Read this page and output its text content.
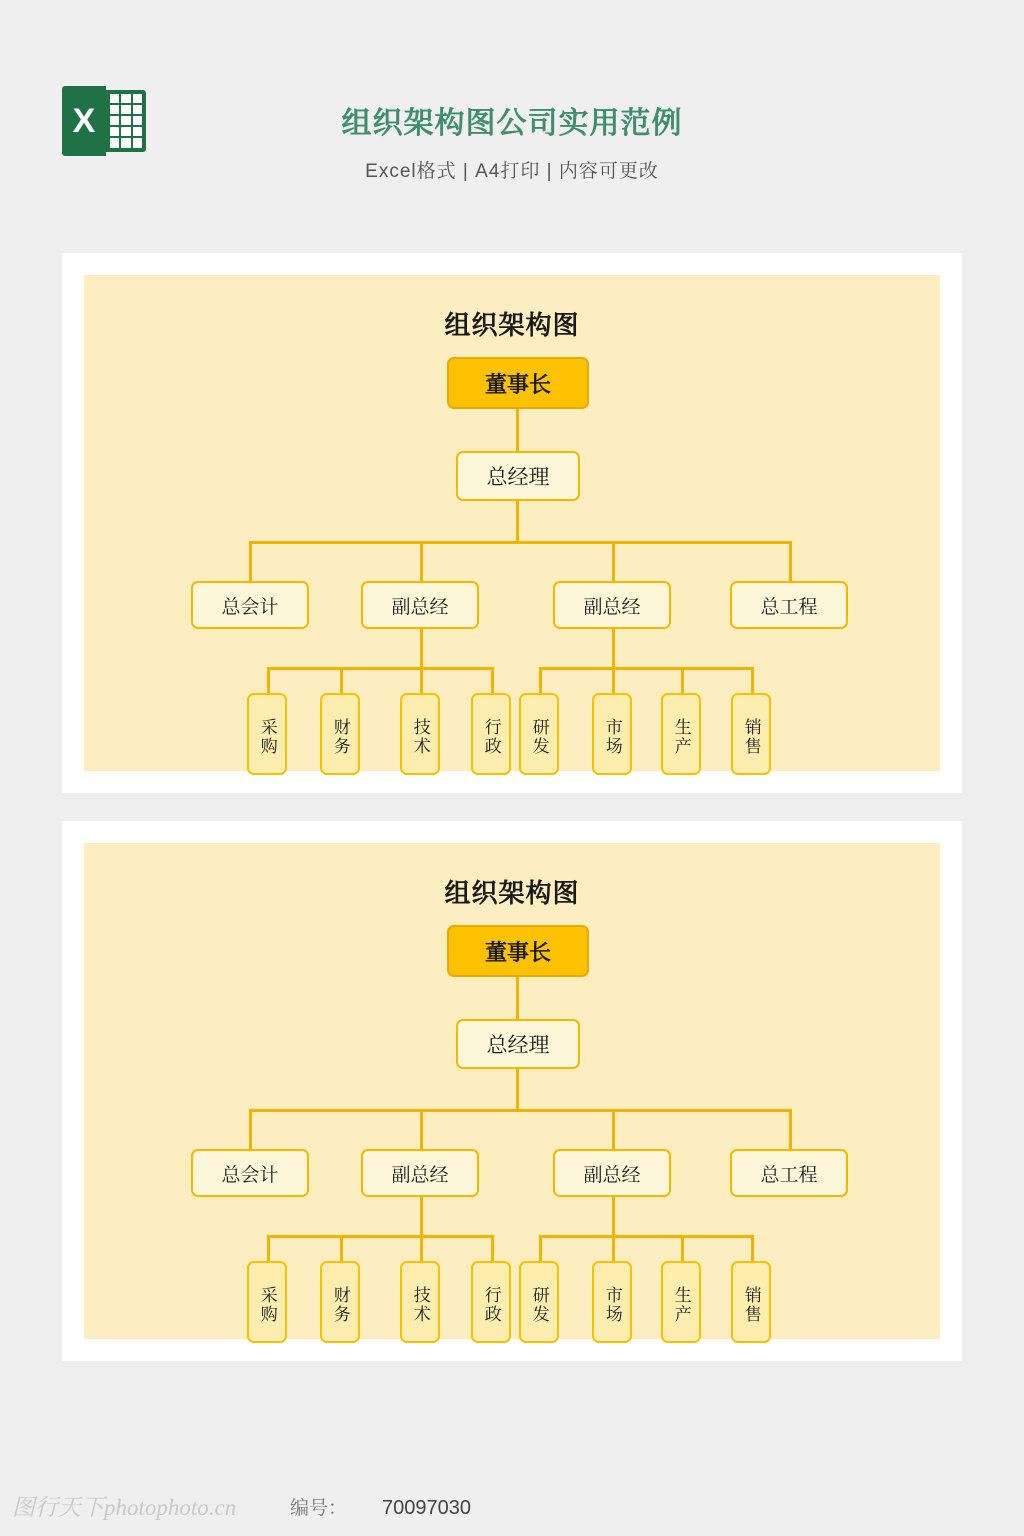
X	组织架构图公司实用范例
Excel格式 | A4打印 | 内容可更改
组织架构图
董事长
总经理
总会计	副总经	副总经	总工程
采购	财务	技术	行政	研发	市场	生产	销售
组织架构图
董事长
总经理
总会计	副总经	副总经	总工程
采购	财务	技术	行政	研发	市场	生产	销售
图行天下photophoto.cn	编号： 70097030
